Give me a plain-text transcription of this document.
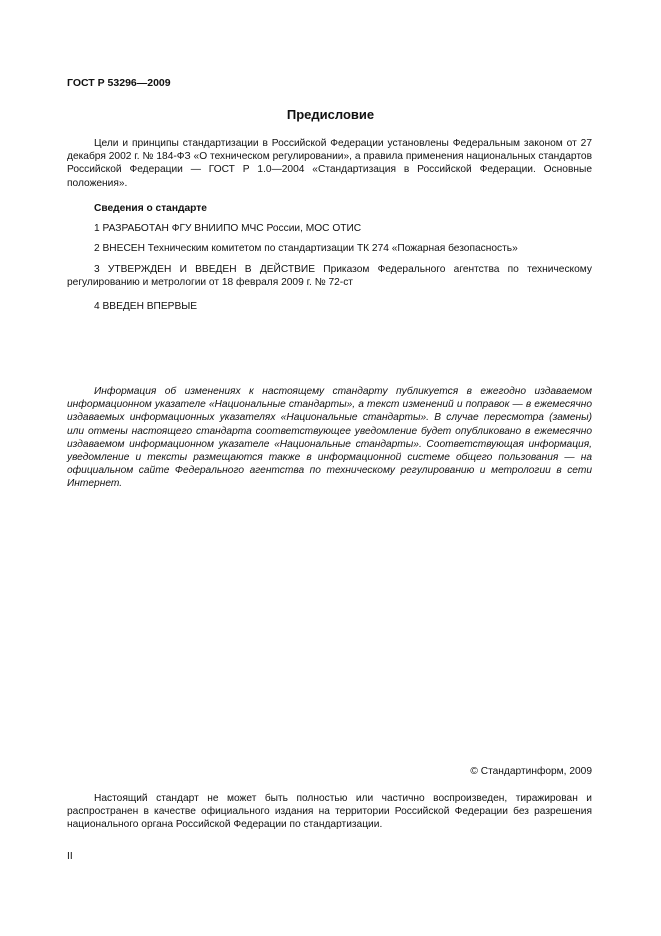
ГОСТ Р 53296—2009
Предисловие
Цели и принципы стандартизации в Российской Федерации установлены Федеральным законом от 27 декабря 2002 г. № 184-ФЗ «О техническом регулировании», а правила применения национальных стандартов Российской Федерации — ГОСТ Р 1.0—2004 «Стандартизация в Российской Федерации. Основные положения».
Сведения о стандарте
1 РАЗРАБОТАН ФГУ ВНИИПО МЧС России, МОС ОТИС
2 ВНЕСЕН Техническим комитетом по стандартизации ТК 274 «Пожарная безопасность»
3 УТВЕРЖДЕН И ВВЕДЕН В ДЕЙСТВИЕ Приказом Федерального агентства по техническому регулированию и метрологии от 18 февраля 2009 г. № 72-ст
4 ВВЕДЕН ВПЕРВЫЕ
Информация об изменениях к настоящему стандарту публикуется в ежегодно издаваемом информационном указателе «Национальные стандарты», а текст изменений и поправок — в ежемесячно издаваемых информационных указателях «Национальные стандарты». В случае пересмотра (замены) или отмены настоящего стандарта соответствующее уведомление будет опубликовано в ежемесячно издаваемом информационном указателе «Национальные стандарты». Соответствующая информация, уведомление и тексты размещаются также в информационной системе общего пользования — на официальном сайте Федерального агентства по техническому регулированию и метрологии в сети Интернет.
© Стандартинформ, 2009
Настоящий стандарт не может быть полностью или частично воспроизведен, тиражирован и распространен в качестве официального издания на территории Российской Федерации без разрешения национального органа Российской Федерации по стандартизации.
II
